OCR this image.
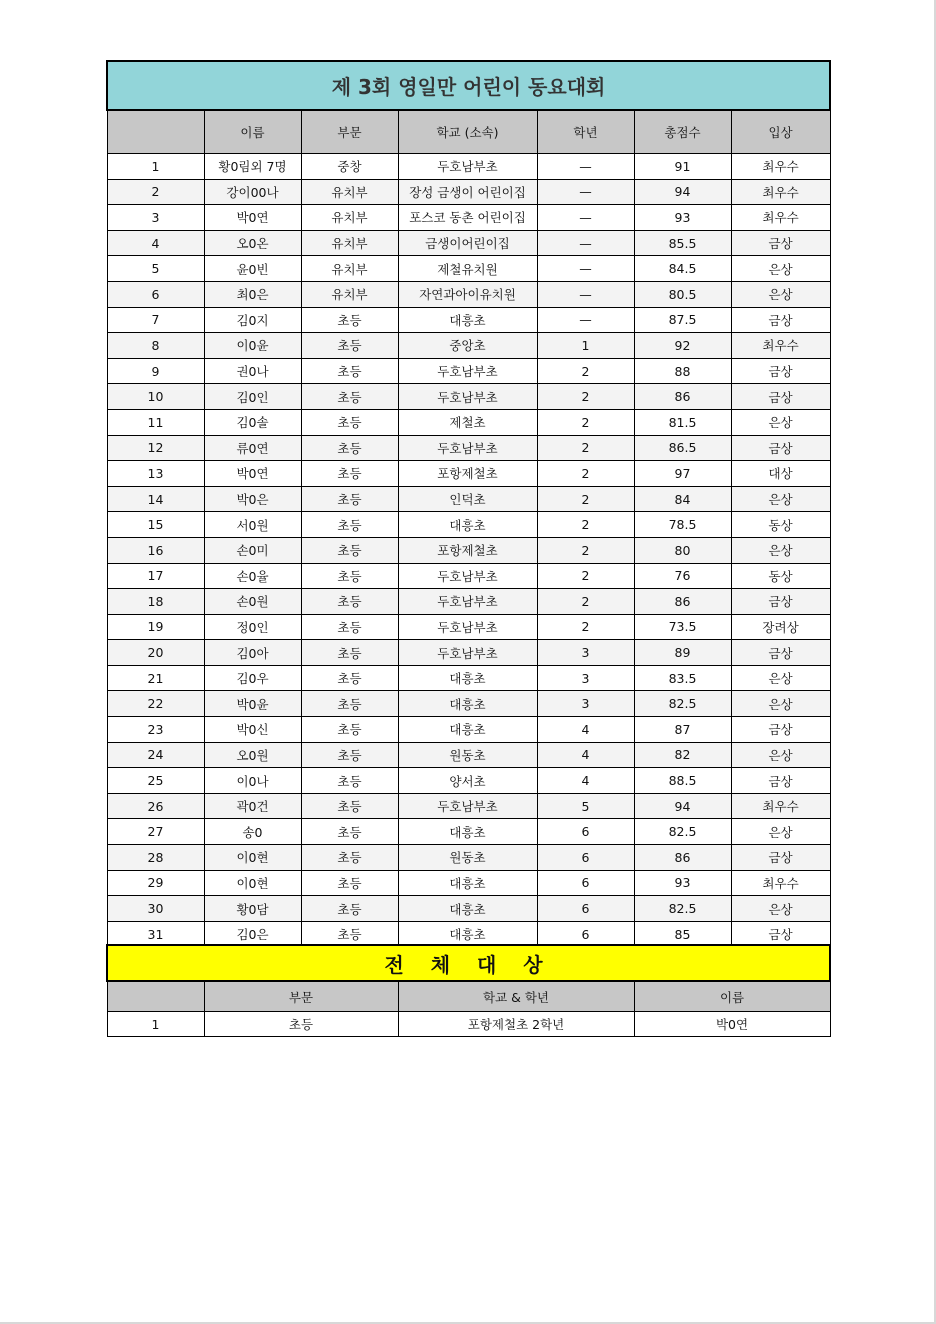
제 3회 영일만 어린이 동요대회						
	이름	부문	학교 (소속)	학년	총점수	입상
1	황0림외 7명	중창	두호남부초	—	91	최우수
2	강이00나	유치부	장성 금생이 어린이집	—	94	최우수
3	박0연	유치부	포스코 동촌 어린이집	—	93	최우수
4	오0온	유치부	금생이어린이집	—	85.5	금상
5	윤0빈	유치부	제철유치원	—	84.5	은상
6	최0은	유치부	자연과아이유치원	—	80.5	은상
7	김0지	초등	대흥초	—	87.5	금상
8	이0윤	초등	중앙초	1	92	최우수
9	권0나	초등	두호남부초	2	88	금상
10	김0인	초등	두호남부초	2	86	금상
11	김0솔	초등	제철초	2	81.5	은상
12	류0연	초등	두호남부초	2	86.5	금상
13	박0연	초등	포항제철초	2	97	대상
14	박0은	초등	인덕초	2	84	은상
15	서0원	초등	대흥초	2	78.5	동상
16	손0미	초등	포항제철초	2	80	은상
17	손0율	초등	두호남부초	2	76	동상
18	손0원	초등	두호남부초	2	86	금상
19	정0인	초등	두호남부초	2	73.5	장려상
20	김0아	초등	두호남부초	3	89	금상
21	김0우	초등	대흥초	3	83.5	은상
22	박0윤	초등	대흥초	3	82.5	은상
23	박0신	초등	대흥초	4	87	금상
24	오0원	초등	원동초	4	82	은상
25	이0나	초등	양서초	4	88.5	금상
26	곽0건	초등	두호남부초	5	94	최우수
27	송0	초등	대흥초	6	82.5	은상
28	이0현	초등	원동초	6	86	금상
29	이0현	초등	대흥초	6	93	최우수
30	황0담	초등	대흥초	6	82.5	은상
31	김0은	초등	대흥초	6	85	금상
전 체 대 상			
	부문	학교 & 학년	이름
1	초등	포항제철초 2학년	박0연
